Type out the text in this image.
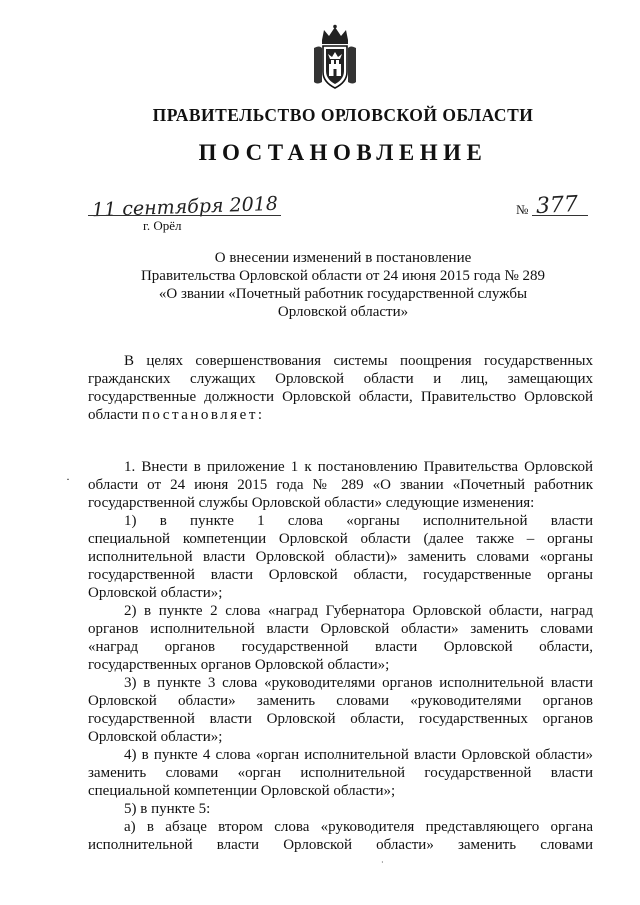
ПРАВИТЕЛЬСТВО ОРЛОВСКОЙ ОБЛАСТИ
ПОСТАНОВЛЕНИЕ
11 сентября 2018
г. Орёл
№ 377
О внесении изменений в постановление
Правительства Орловской области от 24 июня 2015 года № 289
«О звании «Почетный работник государственной службы
Орловской области»

В целях совершенствования системы поощрения государственных

гражданских служащих Орловской области и лиц, замещающих

государственные должности Орловской области, Правительство Орловской

области постановляет:

1. Внести в приложение 1 к постановлению Правительства Орловской

области от 24 июня 2015 года № 289 «О звании «Почетный работник

государственной службы Орловской области» следующие изменения:

1) в пункте 1 слова «органы исполнительной власти

специальной компетенции Орловской области (далее также – органы

исполнительной власти Орловской области)» заменить словами «органы

государственной власти Орловской области, государственные органы

Орловской области»;

2) в пункте 2 слова «наград Губернатора Орловской области, наград

органов исполнительной власти Орловской области» заменить словами

«наград органов государственной власти Орловской области,

государственных органов Орловской области»;

3) в пункте 3 слова «руководителями органов исполнительной власти

Орловской области» заменить словами «руководителями органов

государственной власти Орловской области, государственных органов

Орловской области»;

4) в пункте 4 слова «орган исполнительной власти Орловской области»

заменить словами «орган исполнительной государственной власти

специальной компетенции Орловской области»;

5) в пункте 5:

а) в абзаце втором слова «руководителя представляющего органа

исполнительной власти Орловской области» заменить словами

·
·
